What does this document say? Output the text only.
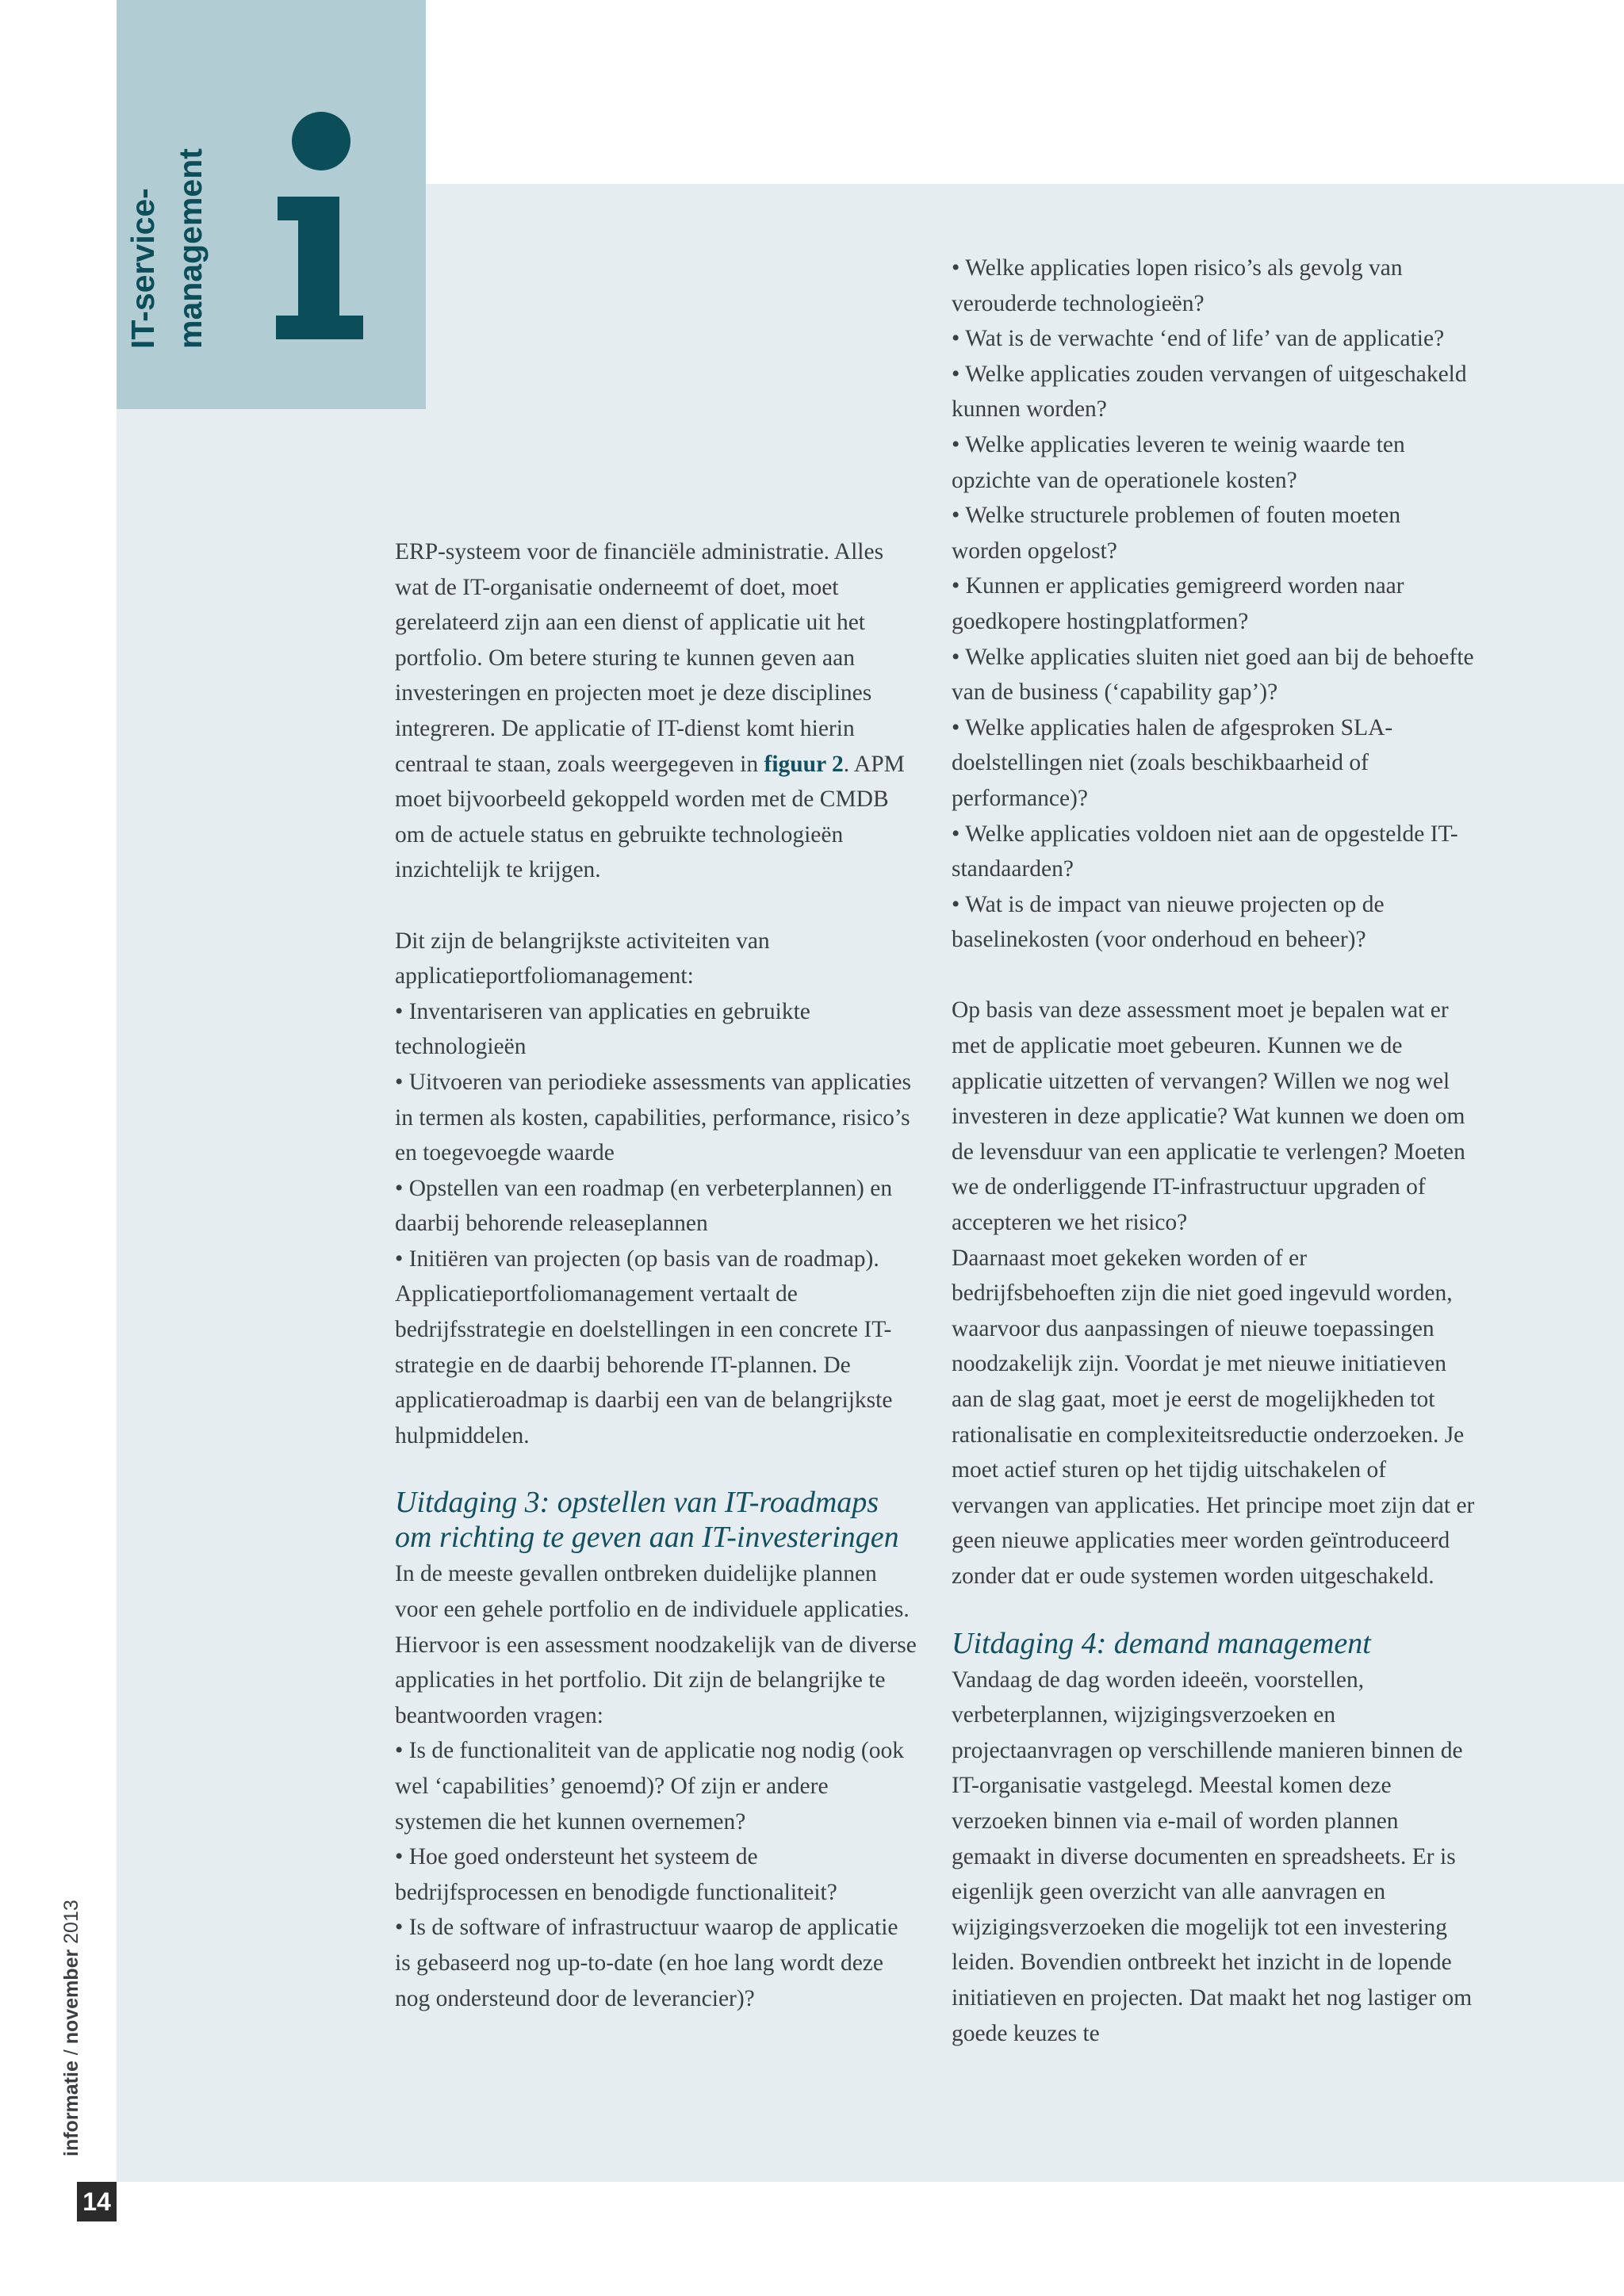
IT-service- management

ERP-systeem voor de financiële administratie. Alles wat de IT-organisatie onderneemt of doet, moet gerelateerd zijn aan een dienst of applicatie uit het portfolio. Om betere sturing te kunnen geven aan investeringen en projecten moet je deze disciplines integreren. De applicatie of IT-dienst komt hierin centraal te staan, zoals weergegeven in figuur 2. APM moet bijvoorbeeld gekoppeld worden met de CMDB om de actuele status en gebruikte technologieën inzichtelijk te krijgen.

Dit zijn de belangrijkste activiteiten van applicatieportfoliomanagement:

• Inventariseren van applicaties en gebruikte technologieën

• Uitvoeren van periodieke assessments van applicaties in termen als kosten, capabilities, performance, risico’s en toegevoegde waarde

• Opstellen van een roadmap (en verbeterplannen) en daarbij behorende releaseplannen

• Initiëren van projecten (op basis van de roadmap).

Applicatieportfoliomanagement vertaalt de bedrijfsstrategie en doelstellingen in een concrete IT-strategie en de daarbij behorende IT-plannen. De applicatieroadmap is daarbij een van de belangrijkste hulpmiddelen.

Uitdaging 3: opstellen van IT-roadmaps om richting te geven aan IT-investeringen

In de meeste gevallen ontbreken duidelijke plannen voor een gehele portfolio en de individuele applicaties. Hiervoor is een assessment noodzakelijk van de diverse applicaties in het portfolio. Dit zijn de belangrijke te beantwoorden vragen:

• Is de functionaliteit van de applicatie nog nodig (ook wel ‘capabilities’ genoemd)? Of zijn er andere systemen die het kunnen overnemen?

• Hoe goed ondersteunt het systeem de bedrijfsprocessen en benodigde functionaliteit?

• Is de software of infrastructuur waarop de applicatie is gebaseerd nog up-to-date (en hoe lang wordt deze nog ondersteund door de leverancier)?

• Welke applicaties lopen risico’s als gevolg van verouderde technologieën?

• Wat is de verwachte ‘end of life’ van de applicatie?

• Welke applicaties zouden vervangen of uitgeschakeld kunnen worden?

• Welke applicaties leveren te weinig waarde ten opzichte van de operationele kosten?

• Welke structurele problemen of fouten moeten worden opgelost?

• Kunnen er applicaties gemigreerd worden naar goedkopere hostingplatformen?

• Welke applicaties sluiten niet goed aan bij de behoefte van de business (‘capability gap’)?

• Welke applicaties halen de afgesproken SLA-doelstellingen niet (zoals beschikbaarheid of performance)?

• Welke applicaties voldoen niet aan de opgestelde IT-standaarden?

• Wat is de impact van nieuwe projecten op de baselinekosten (voor onderhoud en beheer)?

Op basis van deze assessment moet je bepalen wat er met de applicatie moet gebeuren. Kunnen we de applicatie uitzetten of vervangen? Willen we nog wel investeren in deze applicatie? Wat kunnen we doen om de levensduur van een applicatie te verlengen? Moeten we de onderliggende IT-infrastructuur upgraden of accepteren we het risico?

Daarnaast moet gekeken worden of er bedrijfsbehoeften zijn die niet goed ingevuld worden, waarvoor dus aanpassingen of nieuwe toepassingen noodzakelijk zijn. Voordat je met nieuwe initiatieven aan de slag gaat, moet je eerst de mogelijkheden tot rationalisatie en complexiteitsreductie onderzoeken. Je moet actief sturen op het tijdig uitschakelen of vervangen van applicaties. Het principe moet zijn dat er geen nieuwe applicaties meer worden geïntroduceerd zonder dat er oude systemen worden uitgeschakeld.

Uitdaging 4: demand management

Vandaag de dag worden ideeën, voorstellen, verbeterplannen, wijzigingsverzoeken en projectaanvragen op verschillende manieren binnen de IT-organisatie vastgelegd. Meestal komen deze verzoeken binnen via e-mail of worden plannen gemaakt in diverse documenten en spreadsheets. Er is eigenlijk geen overzicht van alle aanvragen en wijzigingsverzoeken die mogelijk tot een investering leiden. Bovendien ontbreekt het inzicht in de lopende initiatieven en projecten. Dat maakt het nog lastiger om goede keuzes te

informatie / november 2013
14
